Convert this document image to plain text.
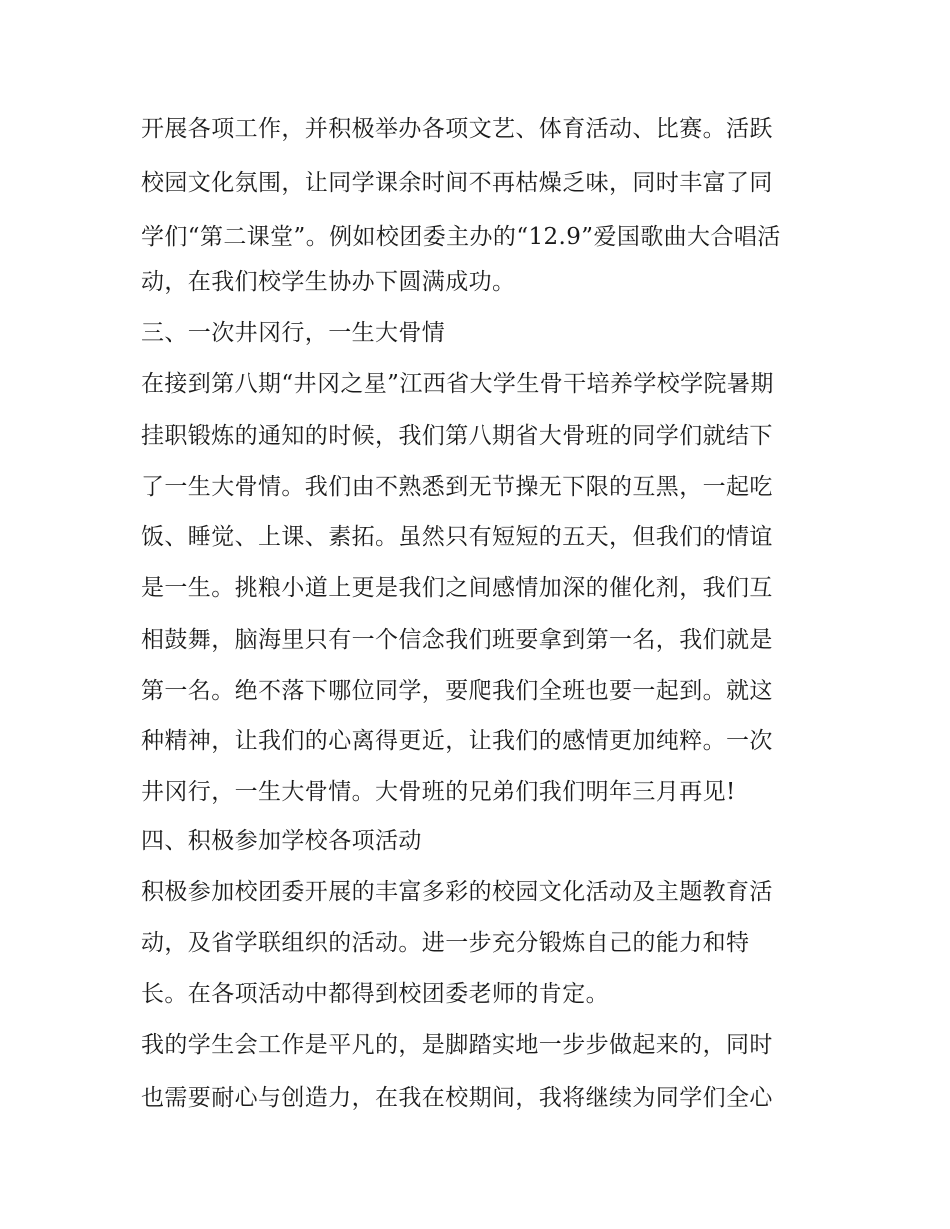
开展各项工作，并积极举办各项文艺、体育活动、比赛。活跃
校园文化氛围，让同学课余时间不再枯燥乏味，同时丰富了同
学们“第二课堂”。例如校团委主办的“12.9”爱国歌曲大合唱活
动，在我们校学生协办下圆满成功。
三、一次井冈行，一生大骨情
在接到第八期“井冈之星”江西省大学生骨干培养学校学院暑期
挂职锻炼的通知的时候，我们第八期省大骨班的同学们就结下
了一生大骨情。我们由不熟悉到无节操无下限的互黑，一起吃
饭、睡觉、上课、素拓。虽然只有短短的五天，但我们的情谊
是一生。挑粮小道上更是我们之间感情加深的催化剂，我们互
相鼓舞，脑海里只有一个信念我们班要拿到第一名，我们就是
第一名。绝不落下哪位同学，要爬我们全班也要一起到。就这
种精神，让我们的心离得更近，让我们的感情更加纯粹。一次
井冈行，一生大骨情。大骨班的兄弟们我们明年三月再见!
四、积极参加学校各项活动
积极参加校团委开展的丰富多彩的校园文化活动及主题教育活
动，及省学联组织的活动。进一步充分锻炼自己的能力和特
长。在各项活动中都得到校团委老师的肯定。
我的学生会工作是平凡的，是脚踏实地一步步做起来的，同时
也需要耐心与创造力，在我在校期间，我将继续为同学们全心
